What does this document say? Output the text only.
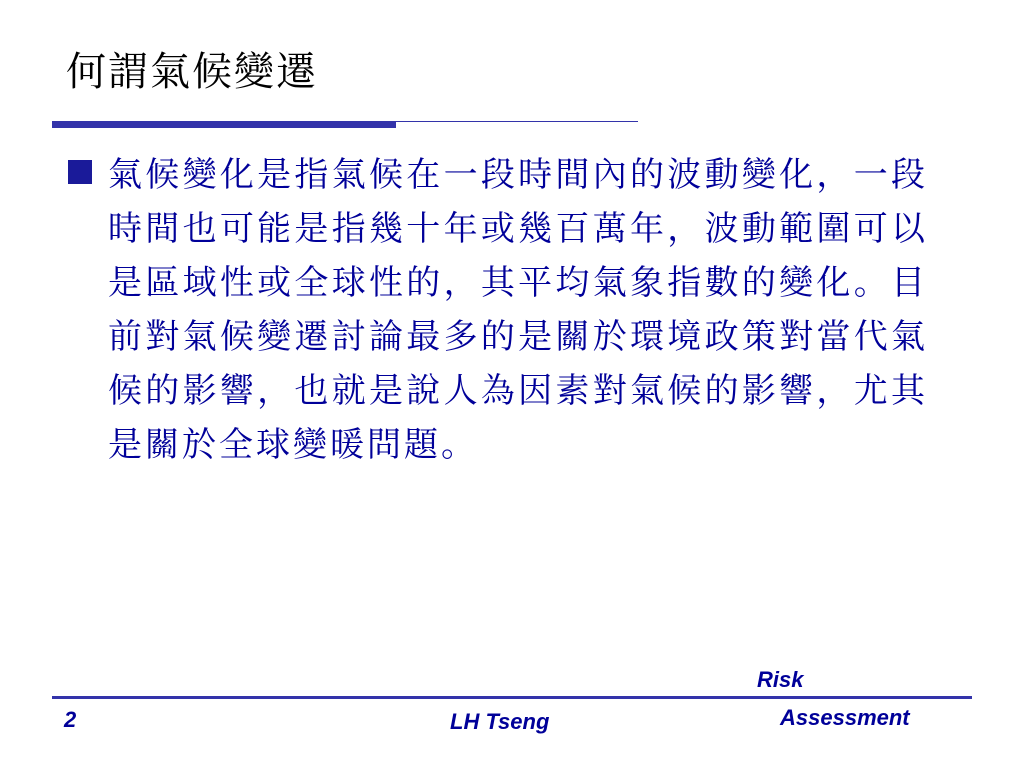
何謂氣候變遷

氣候變化是指氣候在一段時間內的波動變化，一段時間也可能是指幾十年或幾百萬年，波動範圍可以是區域性或全球性的，其平均氣象指數的變化。目前對氣候變遷討論最多的是關於環境政策對當代氣候的影響，也就是說人為因素對氣候的影響，尤其是關於全球變暖問題。

2	LH Tseng
Risk
Assessment
